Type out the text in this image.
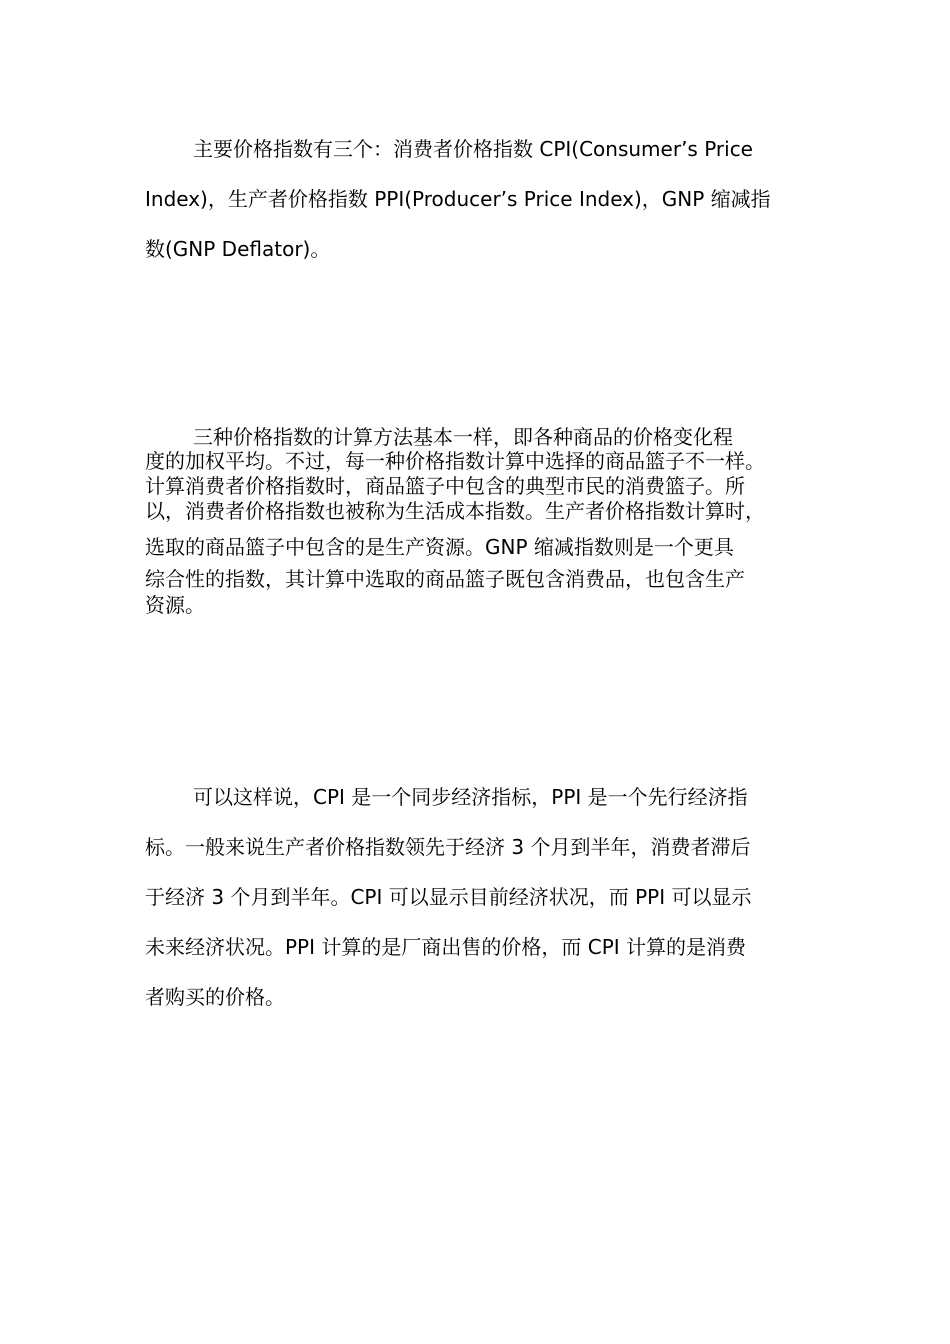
主要价格指数有三个：消费者价格指数 CPI(Consumer’s Price
Index)，生产者价格指数 PPI(Producer’s Price Index)，GNP 缩减指
数(GNP Deflator)。
三种价格指数的计算方法基本一样，即各种商品的价格变化程
度的加权平均。不过，每一种价格指数计算中选择的商品篮子不一样。
计算消费者价格指数时，商品篮子中包含的典型市民的消费篮子。所
以，消费者价格指数也被称为生活成本指数。生产者价格指数计算时，
选取的商品篮子中包含的是生产资源。GNP 缩减指数则是一个更具
综合性的指数，其计算中选取的商品篮子既包含消费品，也包含生产
资源。
可以这样说，CPI 是一个同步经济指标，PPI 是一个先行经济指
标。一般来说生产者价格指数领先于经济 3 个月到半年，消费者滞后
于经济 3 个月到半年。CPI 可以显示目前经济状况，而 PPI 可以显示
未来经济状况。PPI 计算的是厂商出售的价格，而 CPI 计算的是消费
者购买的价格。
